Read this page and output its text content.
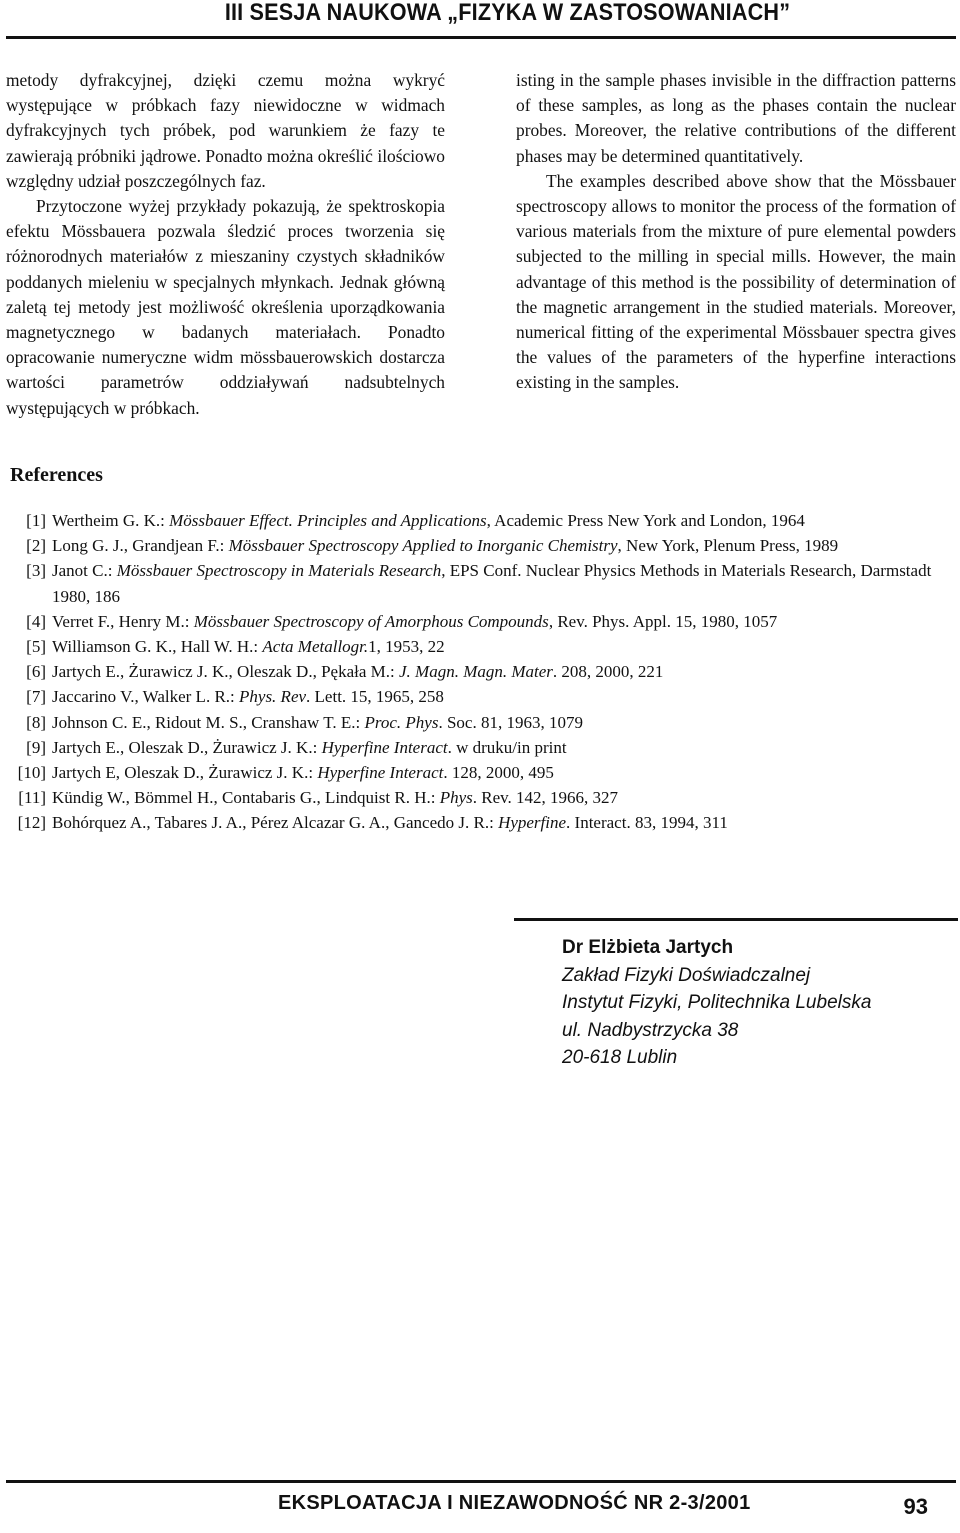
III SESJA NAUKOWA „FIZYKA W ZASTOSOWANIACH”

metody dyfrakcyjnej, dzięki czemu można wykryć występujące w próbkach fazy niewidoczne w widmach dyfrakcyjnych tych próbek, pod warunkiem że fazy te zawierają próbniki jądrowe. Ponadto można określić ilościowo względny udział poszczególnych faz.

Przytoczone wyżej przykłady pokazują, że spektroskopia efektu Mössbauera pozwala śledzić proces tworzenia się różnorodnych materiałów z mieszaniny czystych składników poddanych mieleniu w specjalnych młynkach. Jednak główną zaletą tej metody jest możliwość określenia uporządkowania magnetycznego w badanych materiałach. Ponadto opracowanie numeryczne widm mössbauerowskich dostarcza wartości parametrów oddziaływań nadsubtelnych występujących w próbkach.

isting in the sample phases invisible in the diffraction patterns of these samples, as long as the phases contain the nuclear probes. Moreover, the relative contributions of the different phases may be determined quantitatively.

The examples described above show that the Mössbauer spectroscopy allows to monitor the process of the formation of various materials from the mixture of pure elemental powders subjected to the milling in special mills. However, the main advantage of this method is the possibility of determination of the magnetic arrangement in the studied materials. Moreover, numerical fitting of the experimental Mössbauer spectra gives the values of the parameters of the hyperfine interactions existing in the samples.

References
[1] Wertheim G. K.: Mössbauer Effect. Principles and Applications, Academic Press New York and London, 1964
[2] Long G. J., Grandjean F.: Mössbauer Spectroscopy Applied to Inorganic Chemistry, New York, Plenum Press, 1989
[3] Janot C.: Mössbauer Spectroscopy in Materials Research, EPS Conf. Nuclear Physics Methods in Materials Research, Darmstadt 1980, 186
[4] Verret F., Henry M.: Mössbauer Spectroscopy of Amorphous Compounds, Rev. Phys. Appl. 15, 1980, 1057
[5] Williamson G. K., Hall W. H.: Acta Metallogr.1, 1953, 22
[6] Jartych E., Żurawicz J. K., Oleszak D., Pękała M.: J. Magn. Magn. Mater. 208, 2000, 221
[7] Jaccarino V., Walker L. R.: Phys. Rev. Lett. 15, 1965, 258
[8] Johnson C. E., Ridout M. S., Cranshaw T. E.: Proc. Phys. Soc. 81, 1963, 1079
[9] Jartych E., Oleszak D., Żurawicz J. K.: Hyperfine Interact. w druku/in print
[10] Jartych E, Oleszak D., Żurawicz J. K.: Hyperfine Interact. 128, 2000, 495
[11] Kündig W., Bömmel H., Contabaris G., Lindquist R. H.: Phys. Rev. 142, 1966, 327
[12] Bohórquez A., Tabares J. A., Pérez Alcazar G. A., Gancedo J. R.: Hyperfine. Interact. 83, 1994, 311
Dr Elżbieta Jartych
Zakład Fizyki Doświadczalnej
Instytut Fizyki, Politechnika Lubelska
ul. Nadbystrzycka 38
20-618 Lublin
EKSPLOATACJA I NIEZAWODNOŚĆ NR 2-3/2001	93
